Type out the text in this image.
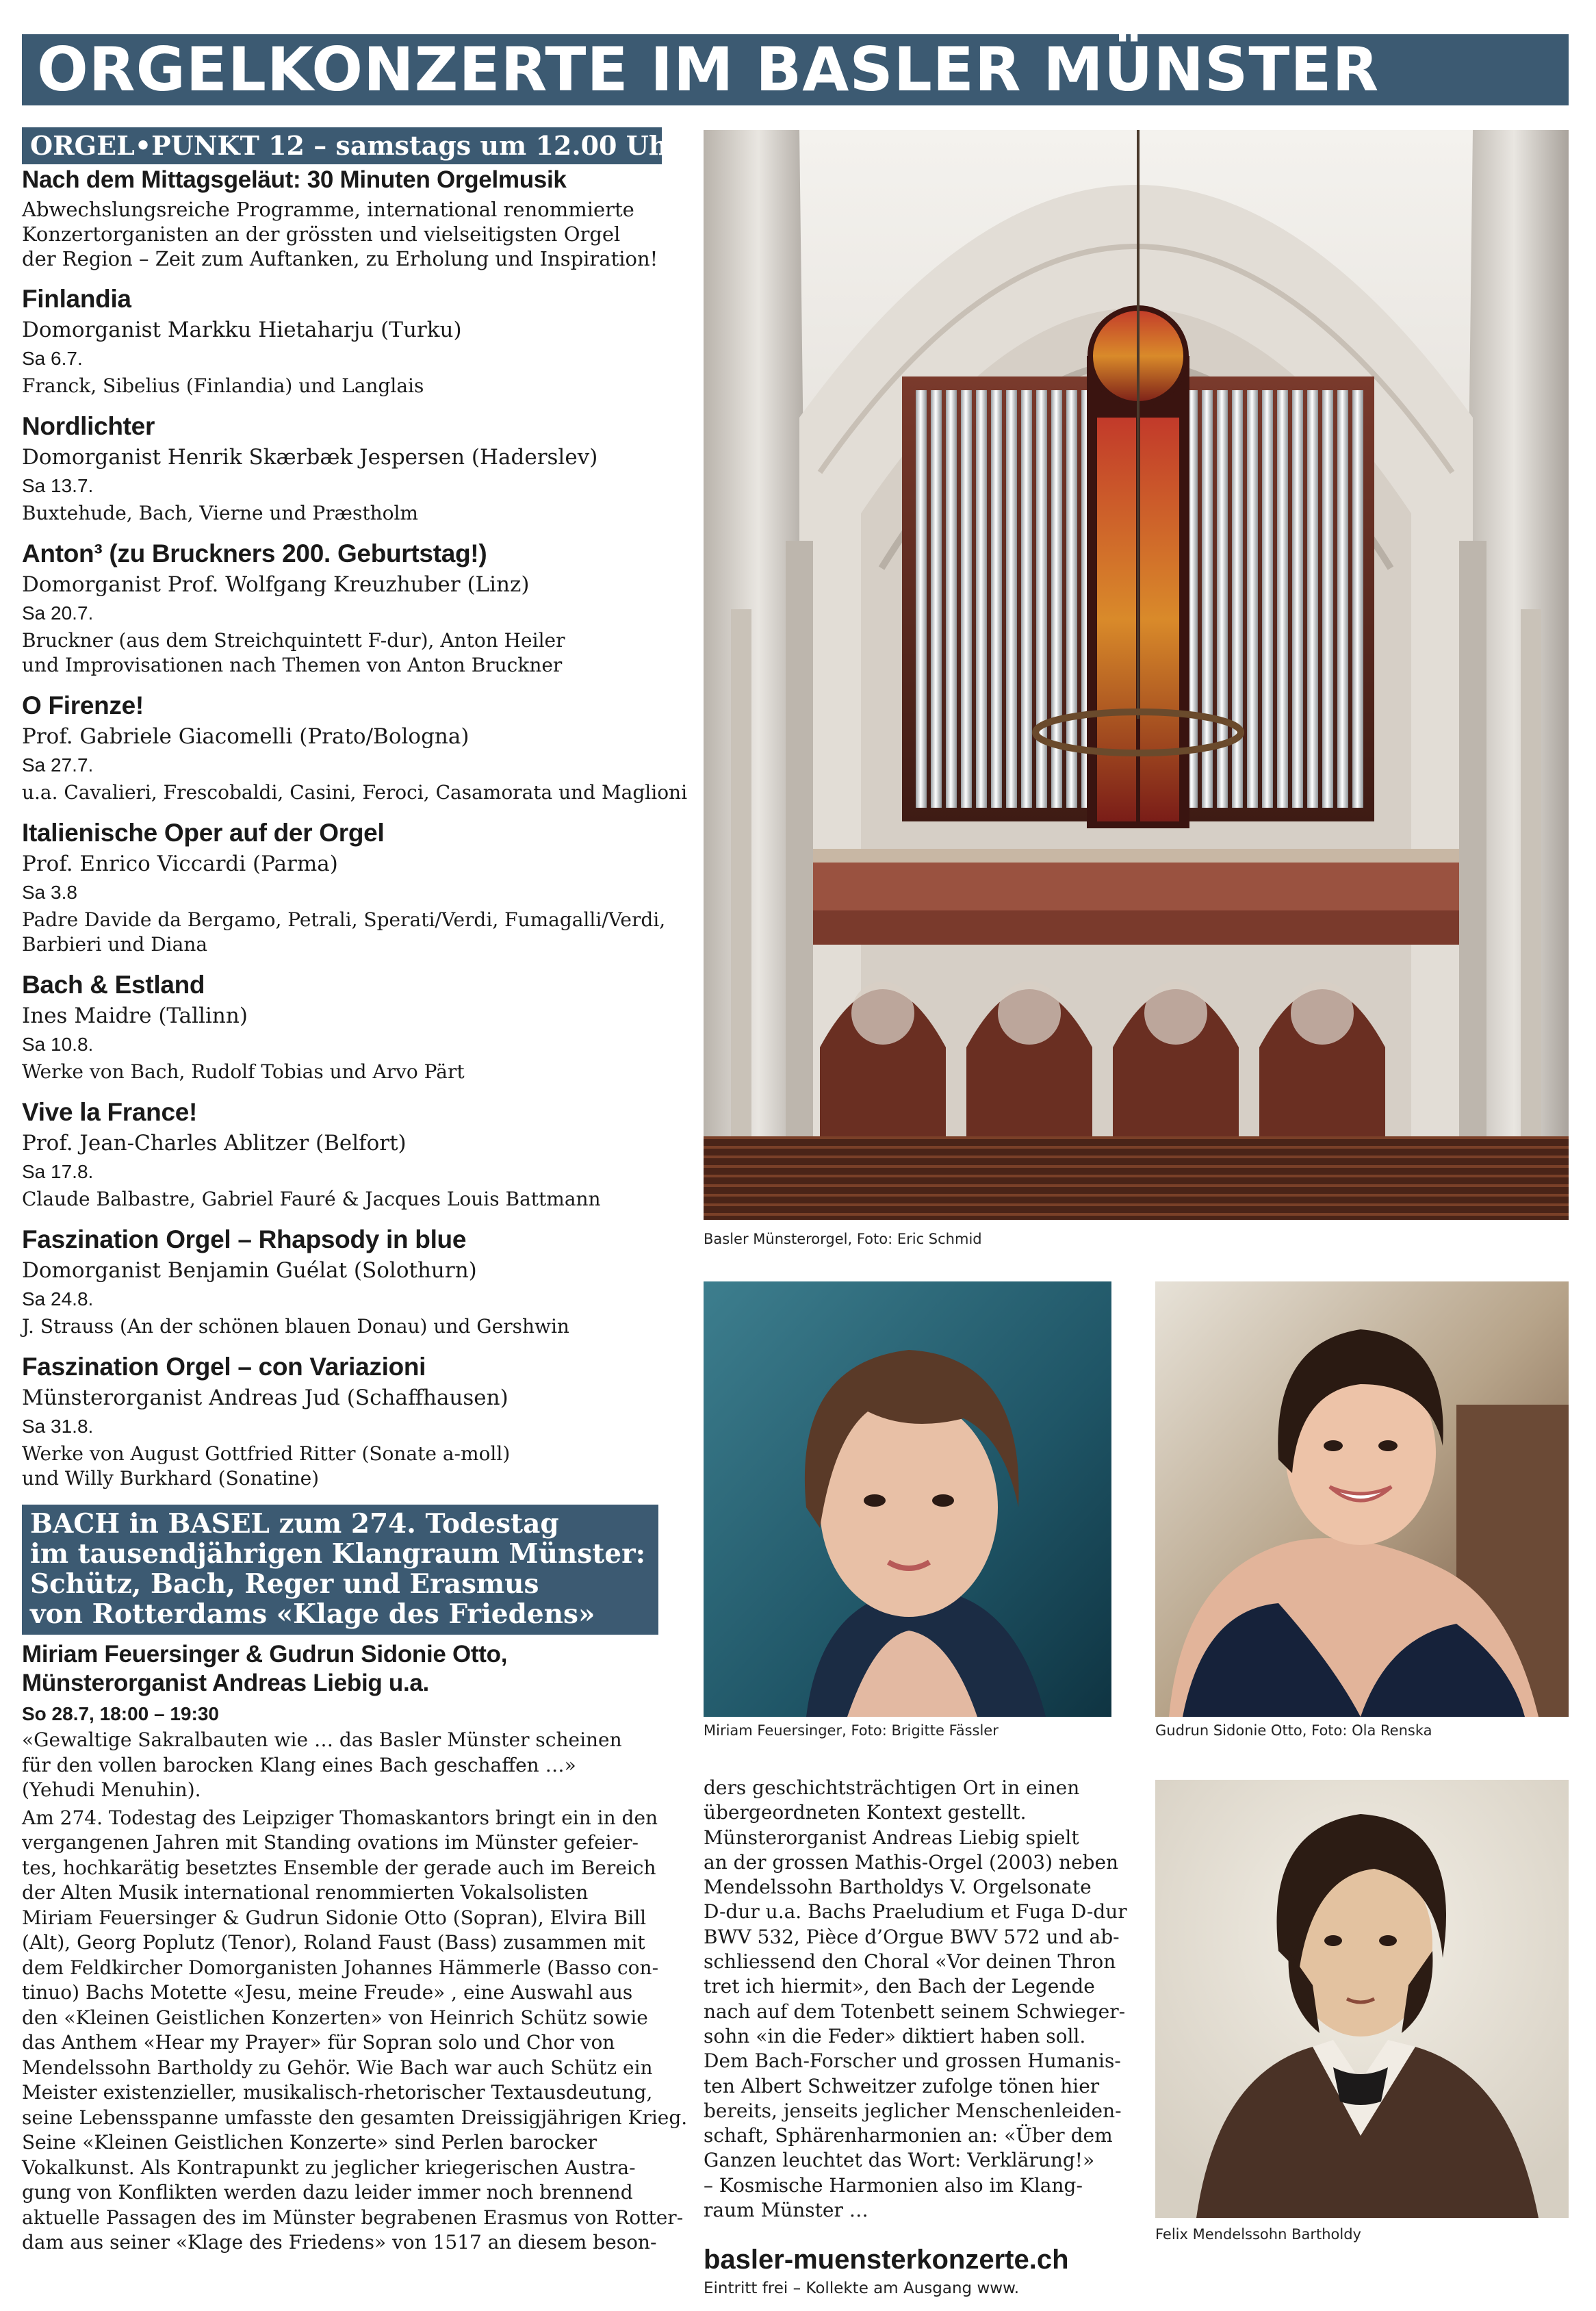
ORGELKONZERTE IM BASLER MÜNSTER
ORGEL•PUNKT 12 – samstags um 12.00 Uhr
Nach dem Mittagsgeläut: 30 Minuten Orgelmusik
Abwechslungsreiche Programme, international renommierte
Konzertorganisten an der grössten und vielseitigsten Orgel
der Region – Zeit zum Auftanken, zu Erholung und Inspiration!
Finlandia
Domorganist Markku Hietaharju (Turku)
Sa 6.7.
Franck, Sibelius (Finlandia) und Langlais
Nordlichter
Domorganist Henrik Skærbæk Jespersen (Haderslev)
Sa 13.7.
Buxtehude, Bach, Vierne und Præstholm
Anton³ (zu Bruckners 200. Geburtstag!)
Domorganist Prof. Wolfgang Kreuzhuber (Linz)
Sa 20.7.
Bruckner (aus dem Streichquintett F-dur), Anton Heiler
und Improvisationen nach Themen von Anton Bruckner
O Firenze!
Prof. Gabriele Giacomelli (Prato/Bologna)
Sa 27.7.
u.a. Cavalieri, Frescobaldi, Casini, Feroci, Casamorata und Maglioni
Italienische Oper auf der Orgel
Prof. Enrico Viccardi (Parma)
Sa 3.8
Padre Davide da Bergamo, Petrali, Sperati/Verdi, Fumagalli/Verdi,
Barbieri und Diana
Bach & Estland
Ines Maidre (Tallinn)
Sa 10.8.
Werke von Bach, Rudolf Tobias und Arvo Pärt
Vive la France!
Prof. Jean-Charles Ablitzer (Belfort)
Sa 17.8.
Claude Balbastre, Gabriel Fauré & Jacques Louis Battmann
Faszination Orgel – Rhapsody in blue
Domorganist Benjamin Guélat (Solothurn)
Sa 24.8.
J. Strauss (An der schönen blauen Donau) und Gershwin
Faszination Orgel – con Variazioni
Münsterorganist Andreas Jud (Schaffhausen)
Sa 31.8.
Werke von August Gottfried Ritter (Sonate a-moll)
und Willy Burkhard (Sonatine)
BACH in BASEL zum 274. Todestag
im tausendjährigen Klangraum Münster:
Schütz, Bach, Reger und Erasmus
von Rotterdams «Klage des Friedens»
Miriam Feuersinger & Gudrun Sidonie Otto,
Münsterorganist Andreas Liebig u.a.
So 28.7, 18:00 – 19:30
«Gewaltige Sakralbauten wie … das Basler Münster scheinen
für den vollen barocken Klang eines Bach geschaffen …»
(Yehudi Menuhin).
Am 274. Todestag des Leipziger Thomaskantors bringt ein in den
vergangenen Jahren mit Standing ovations im Münster gefeier-
tes, hochkarätig besetztes Ensemble der gerade auch im Bereich
der Alten Musik international renommierten Vokalsolisten
Miriam Feuersinger & Gudrun Sidonie Otto (Sopran), Elvira Bill
(Alt), Georg Poplutz (Tenor), Roland Faust (Bass) zusammen mit
dem Feldkircher Domorganisten Johannes Hämmerle (Basso con-
tinuo) Bachs Motette «Jesu, meine Freude» , eine Auswahl aus
den «Kleinen Geistlichen Konzerten» von Heinrich Schütz sowie
das Anthem «Hear my Prayer» für Sopran solo und Chor von
Mendelssohn Bartholdy zu Gehör. Wie Bach war auch Schütz ein
Meister existenzieller, musikalisch-rhetorischer Textausdeutung,
seine Lebensspanne umfasste den gesamten Dreissigjährigen Krieg.
Seine «Kleinen Geistlichen Konzerte» sind Perlen barocker
Vokalkunst. Als Kontrapunkt zu jeglicher kriegerischen Austra-
gung von Konflikten werden dazu leider immer noch brennend
aktuelle Passagen des im Münster begrabenen Erasmus von Rotter-
dam aus seiner «Klage des Friedens» von 1517 an diesem beson-
Basler Münsterorgel, Foto: Eric Schmid
Miriam Feuersinger, Foto: Brigitte Fässler	Gudrun Sidonie Otto, Foto: Ola Renska
ders geschichtsträchtigen Ort in einen
übergeordneten Kontext gestellt.
Münsterorganist Andreas Liebig spielt
an der grossen Mathis-Orgel (2003) neben
Mendelssohn Bartholdys V. Orgelsonate
D-dur u.a. Bachs Praeludium et Fuga D-dur
BWV 532, Pièce d’Orgue BWV 572 und ab-
schliessend den Choral «Vor deinen Thron
tret ich hiermit», den Bach der Legende
nach auf dem Totenbett seinem Schwieger-
sohn «in die Feder» diktiert haben soll.
Dem Bach-Forscher und grossen Humanis-
ten Albert Schweitzer zufolge tönen hier
bereits, jenseits jeglicher Menschenleiden-
schaft, Sphärenharmonien an: «Über dem
Ganzen leuchtet das Wort: Verklärung!»
– Kosmische Harmonien also im Klang-
raum Münster …
Felix Mendelssohn Bartholdy
basler-muensterkonzerte.ch
Eintritt frei – Kollekte am Ausgang www.
